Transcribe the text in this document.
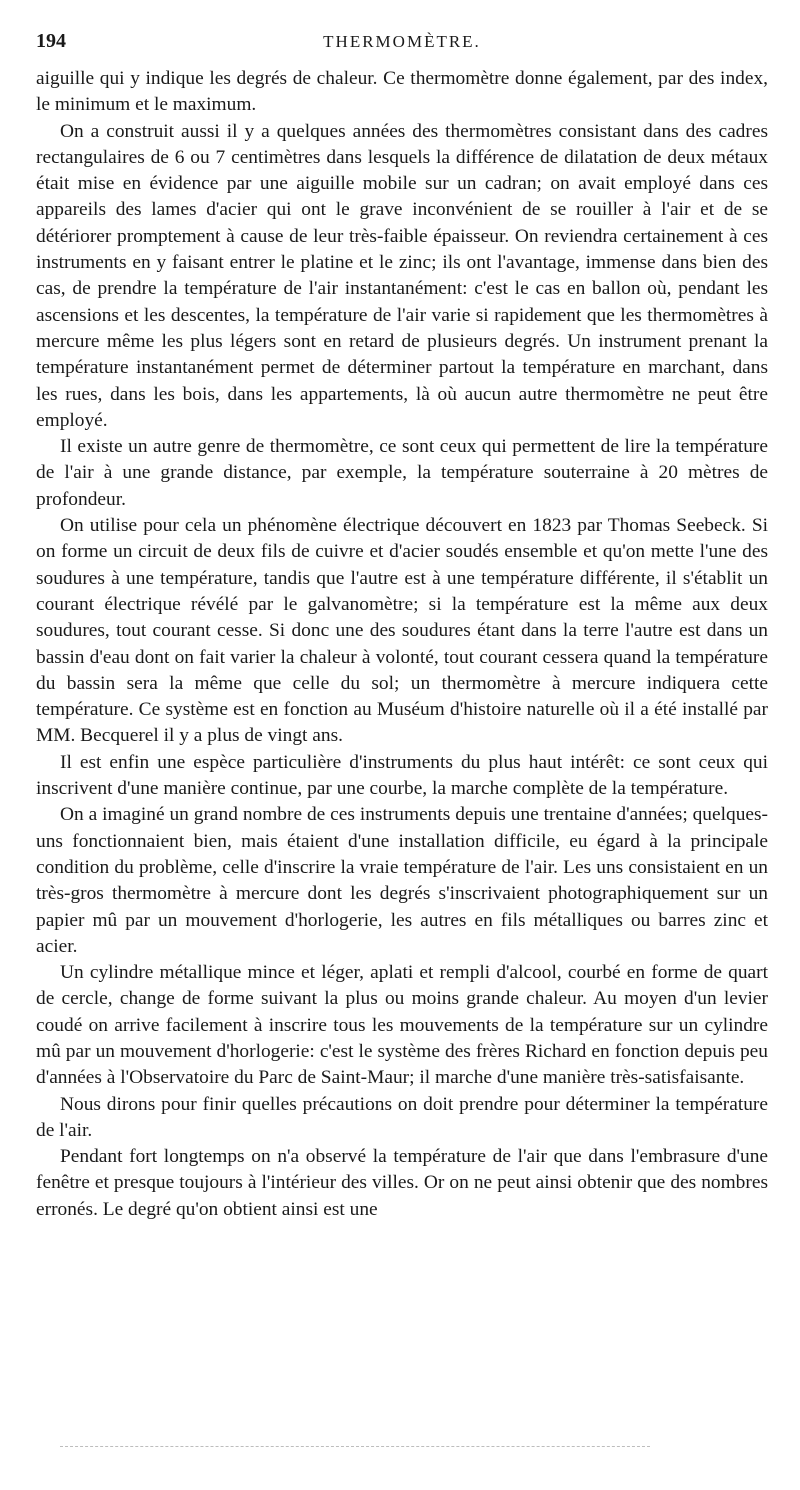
194	THERMOMÈTRE.

aiguille qui y indique les degrés de chaleur. Ce thermomètre donne également, par des index, le minimum et le maximum.

On a construit aussi il y a quelques années des thermomètres consistant dans des cadres rectangulaires de 6 ou 7 centimètres dans lesquels la différence de dilatation de deux métaux était mise en évidence par une aiguille mobile sur un cadran; on avait employé dans ces appareils des lames d'acier qui ont le grave inconvénient de se rouiller à l'air et de se détériorer promptement à cause de leur très-faible épaisseur. On reviendra certainement à ces instruments en y faisant entrer le platine et le zinc; ils ont l'avantage, immense dans bien des cas, de prendre la température de l'air instantanément: c'est le cas en ballon où, pendant les ascensions et les descentes, la température de l'air varie si rapidement que les thermomètres à mercure même les plus légers sont en retard de plusieurs degrés. Un instrument prenant la température instantanément permet de déterminer partout la température en marchant, dans les rues, dans les bois, dans les appartements, là où aucun autre thermomètre ne peut être employé.

Il existe un autre genre de thermomètre, ce sont ceux qui permettent de lire la température de l'air à une grande distance, par exemple, la température souterraine à 20 mètres de profondeur.

On utilise pour cela un phénomène électrique découvert en 1823 par Thomas Seebeck. Si on forme un circuit de deux fils de cuivre et d'acier soudés ensemble et qu'on mette l'une des soudures à une température, tandis que l'autre est à une température différente, il s'établit un courant électrique révélé par le galvanomètre; si la température est la même aux deux soudures, tout courant cesse. Si donc une des soudures étant dans la terre l'autre est dans un bassin d'eau dont on fait varier la chaleur à volonté, tout courant cessera quand la température du bassin sera la même que celle du sol; un thermomètre à mercure indiquera cette température. Ce système est en fonction au Muséum d'histoire naturelle où il a été installé par MM. Becquerel il y a plus de vingt ans.

Il est enfin une espèce particulière d'instruments du plus haut intérêt: ce sont ceux qui inscrivent d'une manière continue, par une courbe, la marche complète de la température.

On a imaginé un grand nombre de ces instruments depuis une trentaine d'années; quelques-uns fonctionnaient bien, mais étaient d'une installation difficile, eu égard à la principale condition du problème, celle d'inscrire la vraie température de l'air. Les uns consistaient en un très-gros thermomètre à mercure dont les degrés s'inscrivaient photographiquement sur un papier mû par un mouvement d'horlogerie, les autres en fils métalliques ou barres zinc et acier.

Un cylindre métallique mince et léger, aplati et rempli d'alcool, courbé en forme de quart de cercle, change de forme suivant la plus ou moins grande chaleur. Au moyen d'un levier coudé on arrive facilement à inscrire tous les mouvements de la température sur un cylindre mû par un mouvement d'horlogerie: c'est le système des frères Richard en fonction depuis peu d'années à l'Observatoire du Parc de Saint-Maur; il marche d'une manière très-satisfaisante.

Nous dirons pour finir quelles précautions on doit prendre pour déterminer la température de l'air.

Pendant fort longtemps on n'a observé la température de l'air que dans l'embrasure d'une fenêtre et presque toujours à l'intérieur des villes. Or on ne peut ainsi obtenir que des nombres erronés. Le degré qu'on obtient ainsi est une
